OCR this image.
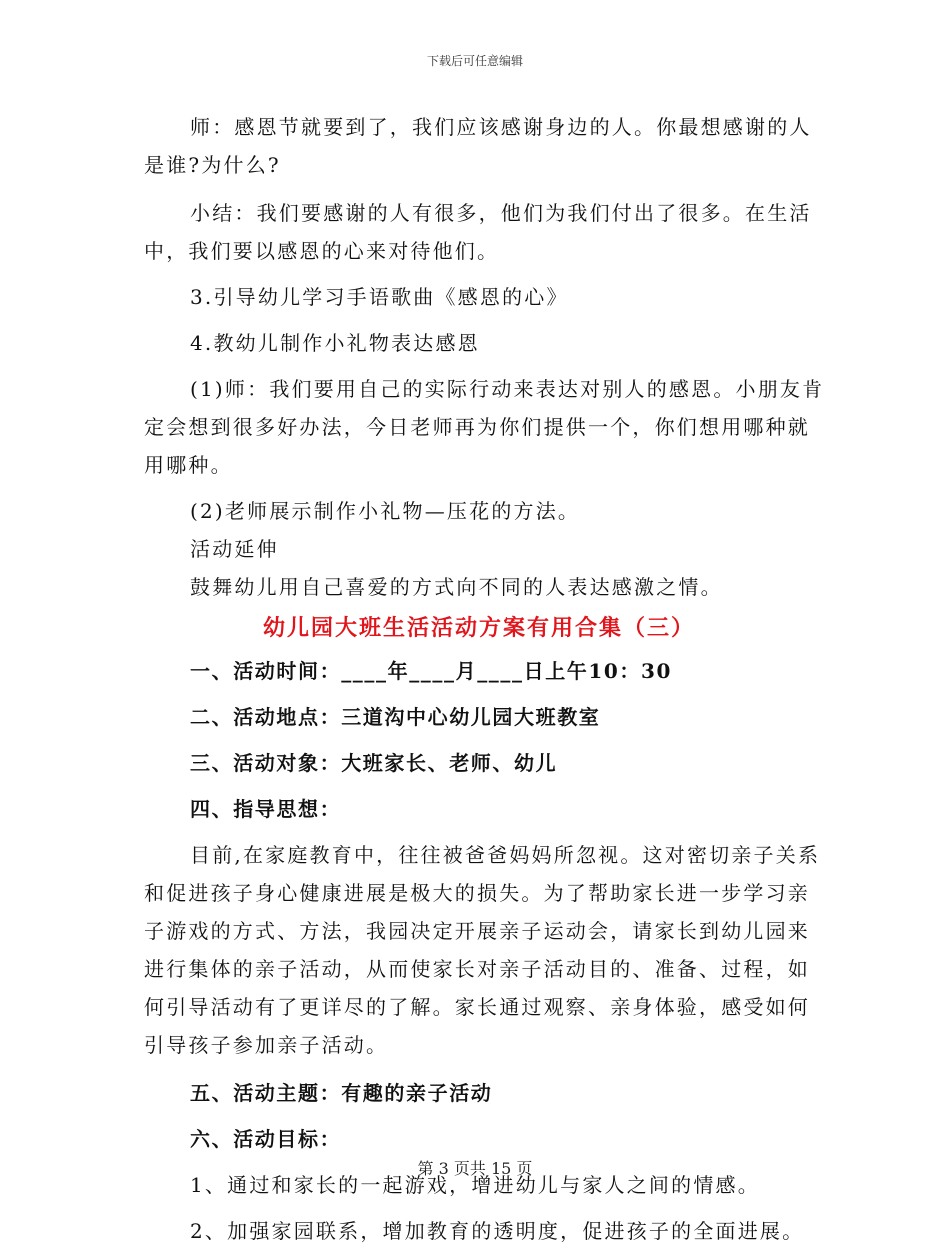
下载后可任意编辑

师：感恩节就要到了，我们应该感谢身边的人。你最想感谢的人

是谁?为什么?

小结：我们要感谢的人有很多，他们为我们付出了很多。在生活

中，我们要以感恩的心来对待他们。

3.引导幼儿学习手语歌曲《感恩的心》

4.教幼儿制作小礼物表达感恩

(1)师：我们要用自己的实际行动来表达对别人的感恩。小朋友肯

定会想到很多好办法，今日老师再为你们提供一个，你们想用哪种就

用哪种。

(2)老师展示制作小礼物—压花的方法。

活动延伸

鼓舞幼儿用自己喜爱的方式向不同的人表达感激之情。

幼儿园大班生活活动方案有用合集（三）

一、活动时间：____年____月____日上午10：30

二、活动地点：三道沟中心幼儿园大班教室

三、活动对象：大班家长、老师、幼儿

四、指导思想：

目前,在家庭教育中，往往被爸爸妈妈所忽视。这对密切亲子关系

和促进孩子身心健康进展是极大的损失。为了帮助家长进一步学习亲

子游戏的方式、方法，我园决定开展亲子运动会，请家长到幼儿园来

进行集体的亲子活动，从而使家长对亲子活动目的、准备、过程，如

何引导活动有了更详尽的了解。家长通过观察、亲身体验，感受如何

引导孩子参加亲子活动。

五、活动主题：有趣的亲子活动

六、活动目标：

1、通过和家长的一起游戏，增进幼儿与家人之间的情感。

2、加强家园联系，增加教育的透明度，促进孩子的全面进展。

第 3 页共 15 页
